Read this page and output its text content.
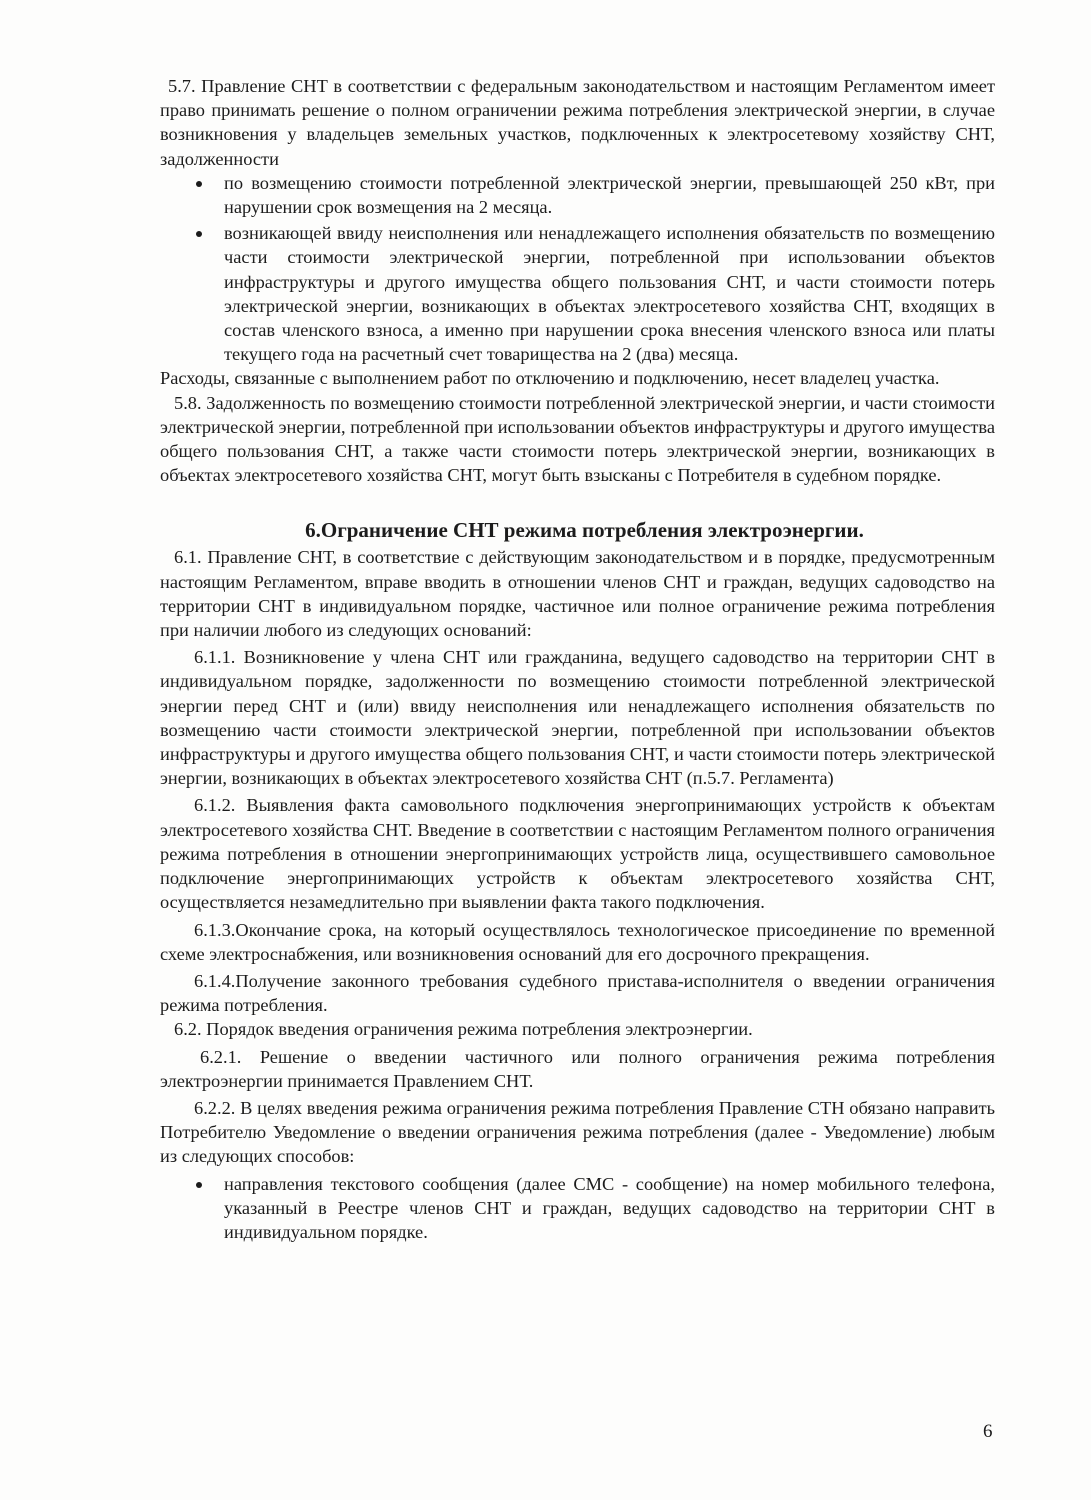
5.7. Правление СНТ в соответствии с федеральным законодательством и настоящим Регламентом имеет право принимать решение о полном ограничении режима потребления электрической энергии, в случае возникновения у владельцев земельных участков, подключенных к электросетевому хозяйству СНТ, задолженности

по возмещению стоимости потребленной электрической энергии, превышающей 250 кВт, при нарушении срок возмещения на 2 месяца.
возникающей ввиду неисполнения или ненадлежащего исполнения обязательств по возмещению части стоимости электрической энергии, потребленной при использовании объектов инфраструктуры и другого имущества общего пользования СНТ, и части стоимости потерь электрической энергии, возникающих в объектах электросетевого хозяйства СНТ, входящих в состав членского взноса, а именно при нарушении срока внесения членского взноса или платы текущего года на расчетный счет товарищества на 2 (два) месяца.

Расходы, связанные с выполнением работ по отключению и подключению, несет владелец участка.

5.8. Задолженность по возмещению стоимости потребленной электрической энергии, и части стоимости электрической энергии, потребленной при использовании объектов инфраструктуры и другого имущества общего пользования СНТ, а также части стоимости потерь электрической энергии, возникающих в объектах электросетевого хозяйства СНТ, могут быть взысканы с Потребителя в судебном порядке.

6.Ограничение СНТ режима потребления электроэнергии.

6.1. Правление СНТ, в соответствие с действующим законодательством и в порядке, предусмотренным настоящим Регламентом, вправе вводить в отношении членов СНТ и граждан, ведущих садоводство на территории СНТ в индивидуальном порядке, частичное или полное ограничение режима потребления при наличии любого из следующих оснований:

6.1.1. Возникновение у члена СНТ или гражданина, ведущего садоводство на территории СНТ в индивидуальном порядке, задолженности по возмещению стоимости потребленной электрической энергии перед СНТ и (или) ввиду неисполнения или ненадлежащего исполнения обязательств по возмещению части стоимости электрической энергии, потребленной при использовании объектов инфраструктуры и другого имущества общего пользования СНТ, и части стоимости потерь электрической энергии, возникающих в объектах электросетевого хозяйства СНТ (п.5.7. Регламента)

6.1.2. Выявления факта самовольного подключения энергопринимающих устройств к объектам электросетевого хозяйства СНТ. Введение в соответствии с настоящим Регламентом полного ограничения режима потребления в отношении энергопринимающих устройств лица, осуществившего самовольное подключение энергопринимающих устройств к объектам электросетевого хозяйства СНТ, осуществляется незамедлительно при выявлении факта такого подключения.

6.1.3.Окончание срока, на который осуществлялось технологическое присоединение по временной схеме электроснабжения, или возникновения оснований для его досрочного прекращения.

6.1.4.Получение законного требования судебного пристава-исполнителя о введении ограничения режима потребления.

6.2. Порядок введения ограничения режима потребления электроэнергии.

6.2.1. Решение о введении частичного или полного ограничения режима потребления электроэнергии принимается Правлением СНТ.

6.2.2. В целях введения режима ограничения режима потребления Правление СТН обязано направить Потребителю Уведомление о введении ограничения режима потребления (далее - Уведомление) любым из следующих способов:

направления текстового сообщения (далее СМС - сообщение) на номер мобильного телефона, указанный в Реестре членов СНТ и граждан, ведущих садоводство на территории СНТ в индивидуальном порядке.
6
